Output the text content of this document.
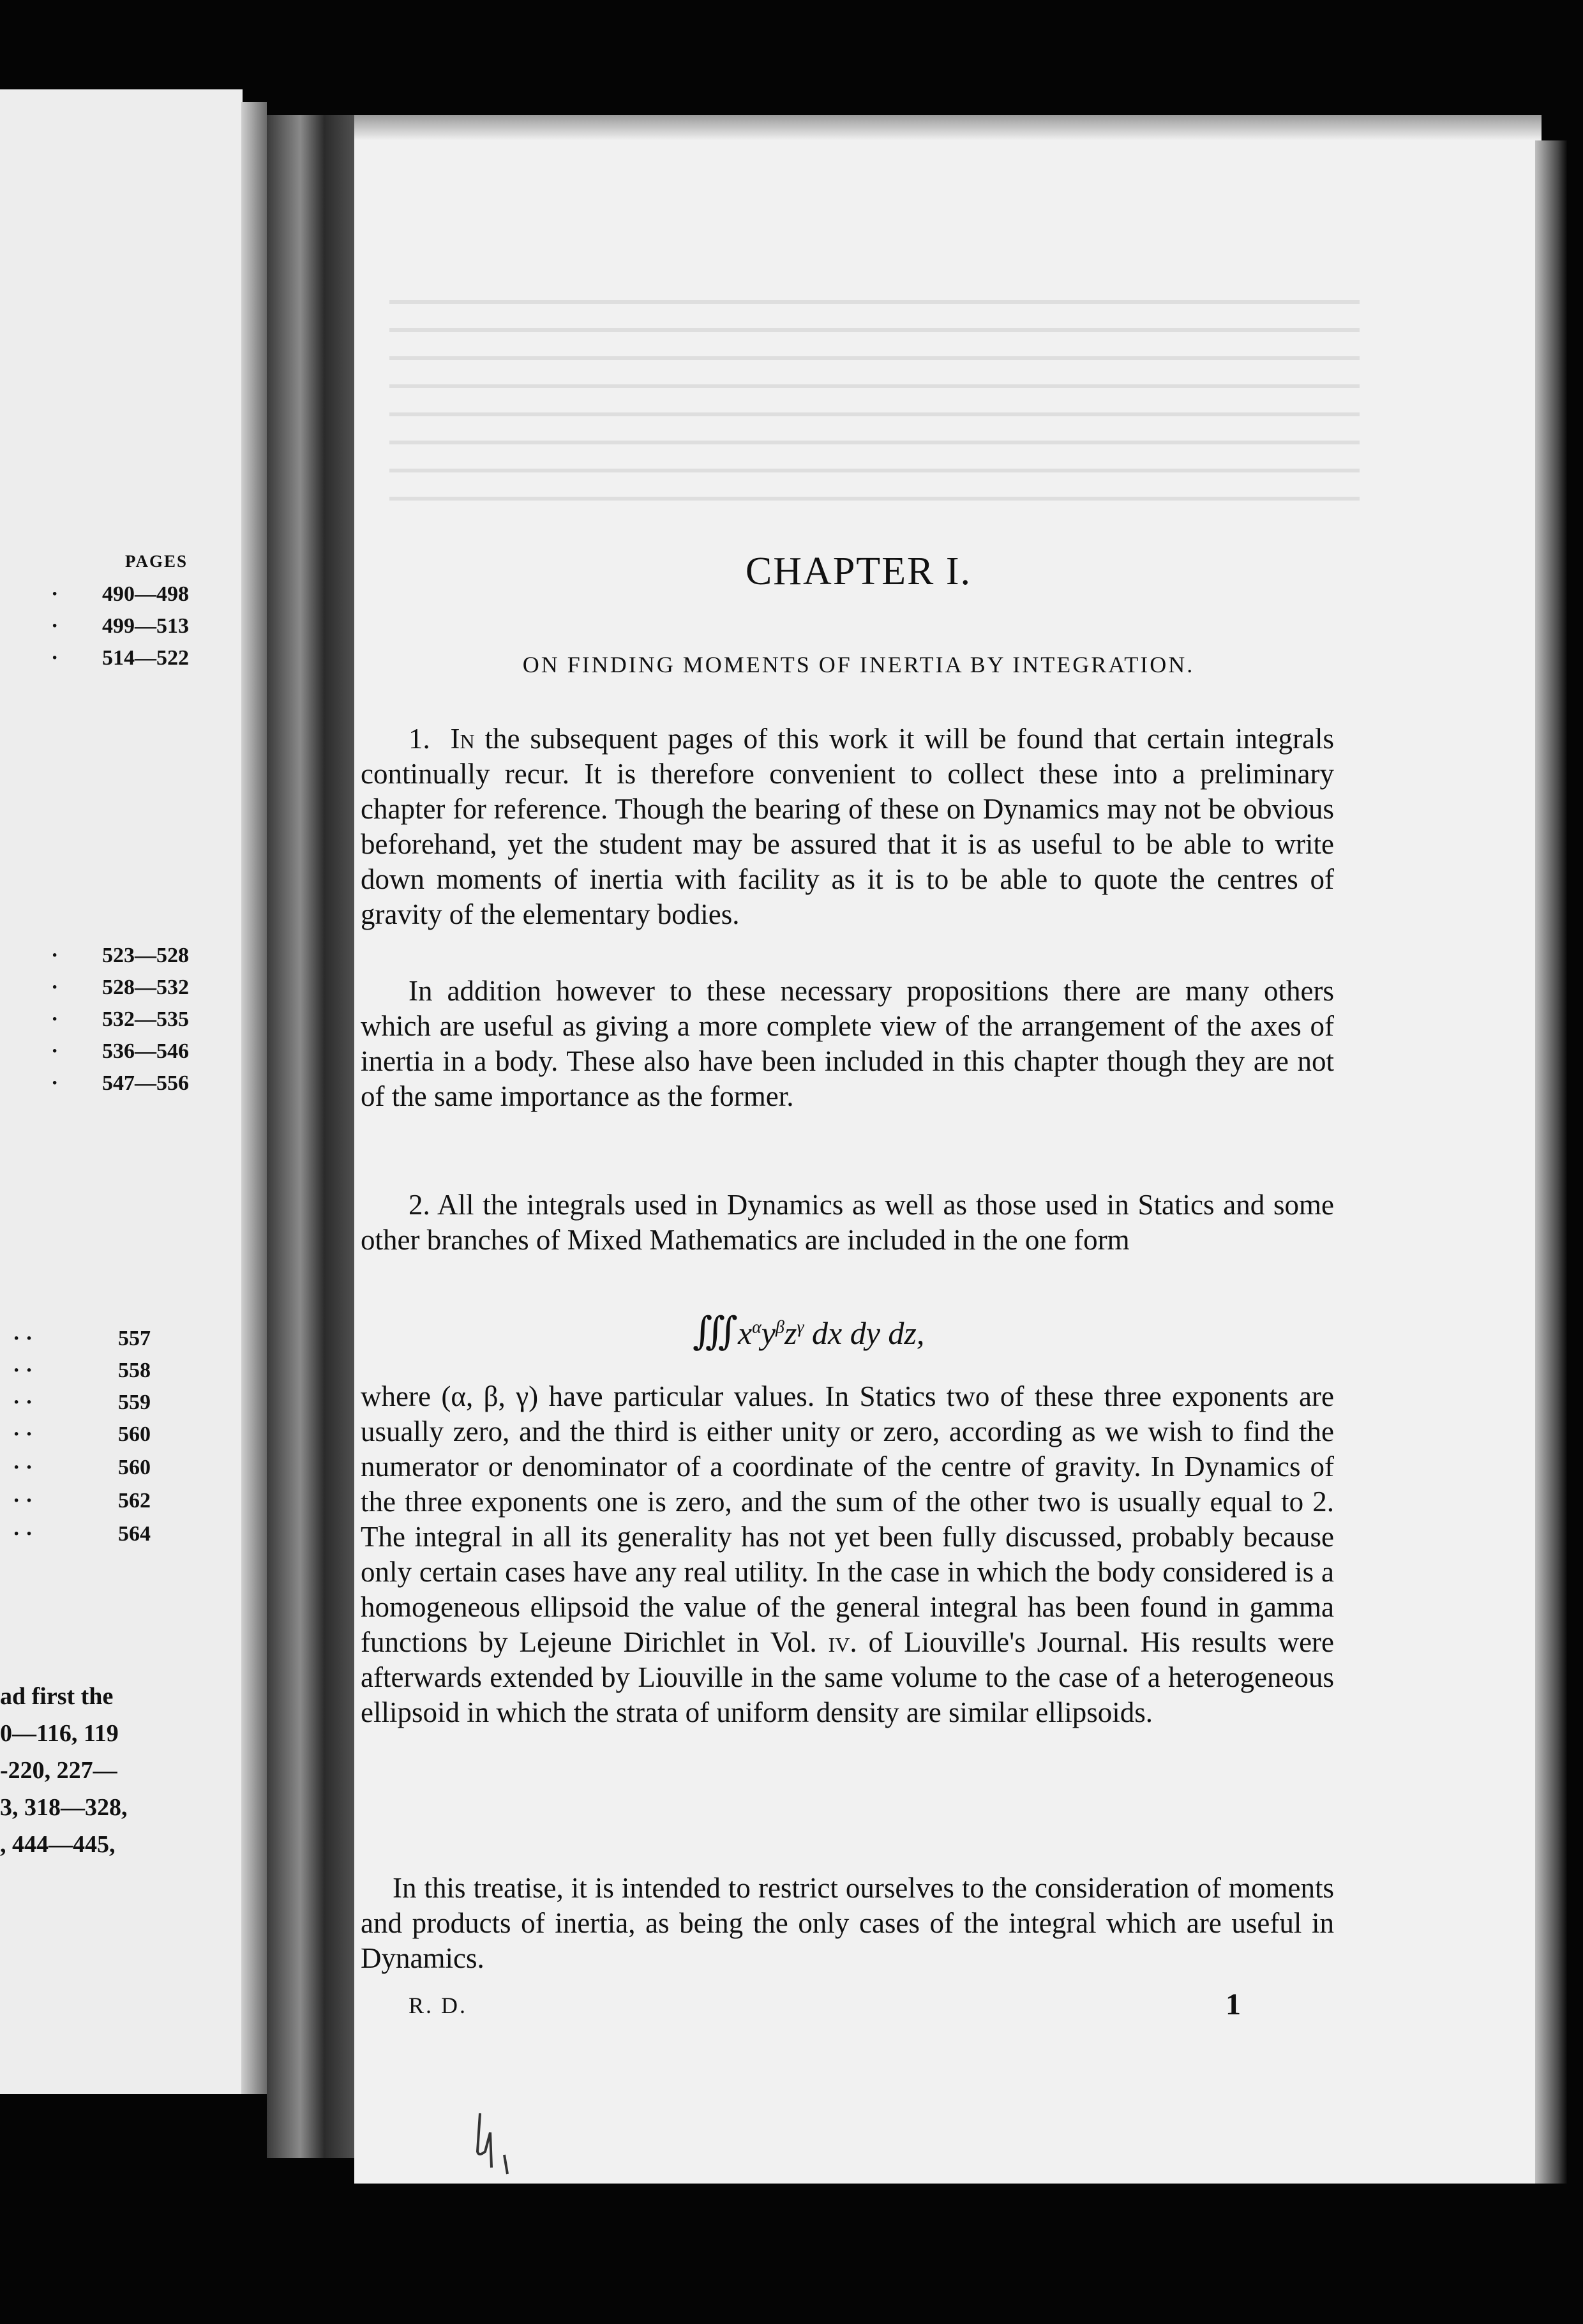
PAGES
· 490—498
· 499—513
· 514—522
· 523—528
· 528—532
· 532—535
· 536—546
· 547—556
· ·	557
· ·	558
· ·	559
· ·	560
· ·	560
· ·	562
· ·	564
ad first the
0—116, 119
-220, 227—
3, 318—328,
, 444—445,
CHAPTER I.
ON FINDING MOMENTS OF INERTIA BY INTEGRATION.
1. In the subsequent pages of this work it will be found that certain integrals continually recur. It is therefore convenient to collect these into a preliminary chapter for reference. Though the bearing of these on Dynamics may not be obvious beforehand, yet the student may be assured that it is as useful to be able to write down moments of inertia with facility as it is to be able to quote the centres of gravity of the elementary bodies.
In addition however to these necessary propositions there are many others which are useful as giving a more complete view of the arrangement of the axes of inertia in a body. These also have been included in this chapter though they are not of the same importance as the former.
2. All the integrals used in Dynamics as well as those used in Statics and some other branches of Mixed Mathematics are included in the one form
$∭x^\alpha y^\beta z^\gamma$ dx dy dz,
where (α, β, γ) have particular values. In Statics two of these three exponents are usually zero, and the third is either unity or zero, according as we wish to find the numerator or denominator of a coordinate of the centre of gravity. In Dynamics of the three exponents one is zero, and the sum of the other two is usually equal to 2. The integral in all its generality has not yet been fully discussed, probably because only certain cases have any real utility. In the case in which the body considered is a homogeneous ellipsoid the value of the general integral has been found in gamma functions by Lejeune Dirichlet in Vol. iv. of Liouville's Journal. His results were afterwards extended by Liouville in the same volume to the case of a heterogeneous ellipsoid in which the strata of uniform density are similar ellipsoids.
In this treatise, it is intended to restrict ourselves to the consideration of moments and products of inertia, as being the only cases of the integral which are useful in Dynamics.
R. D.	1
